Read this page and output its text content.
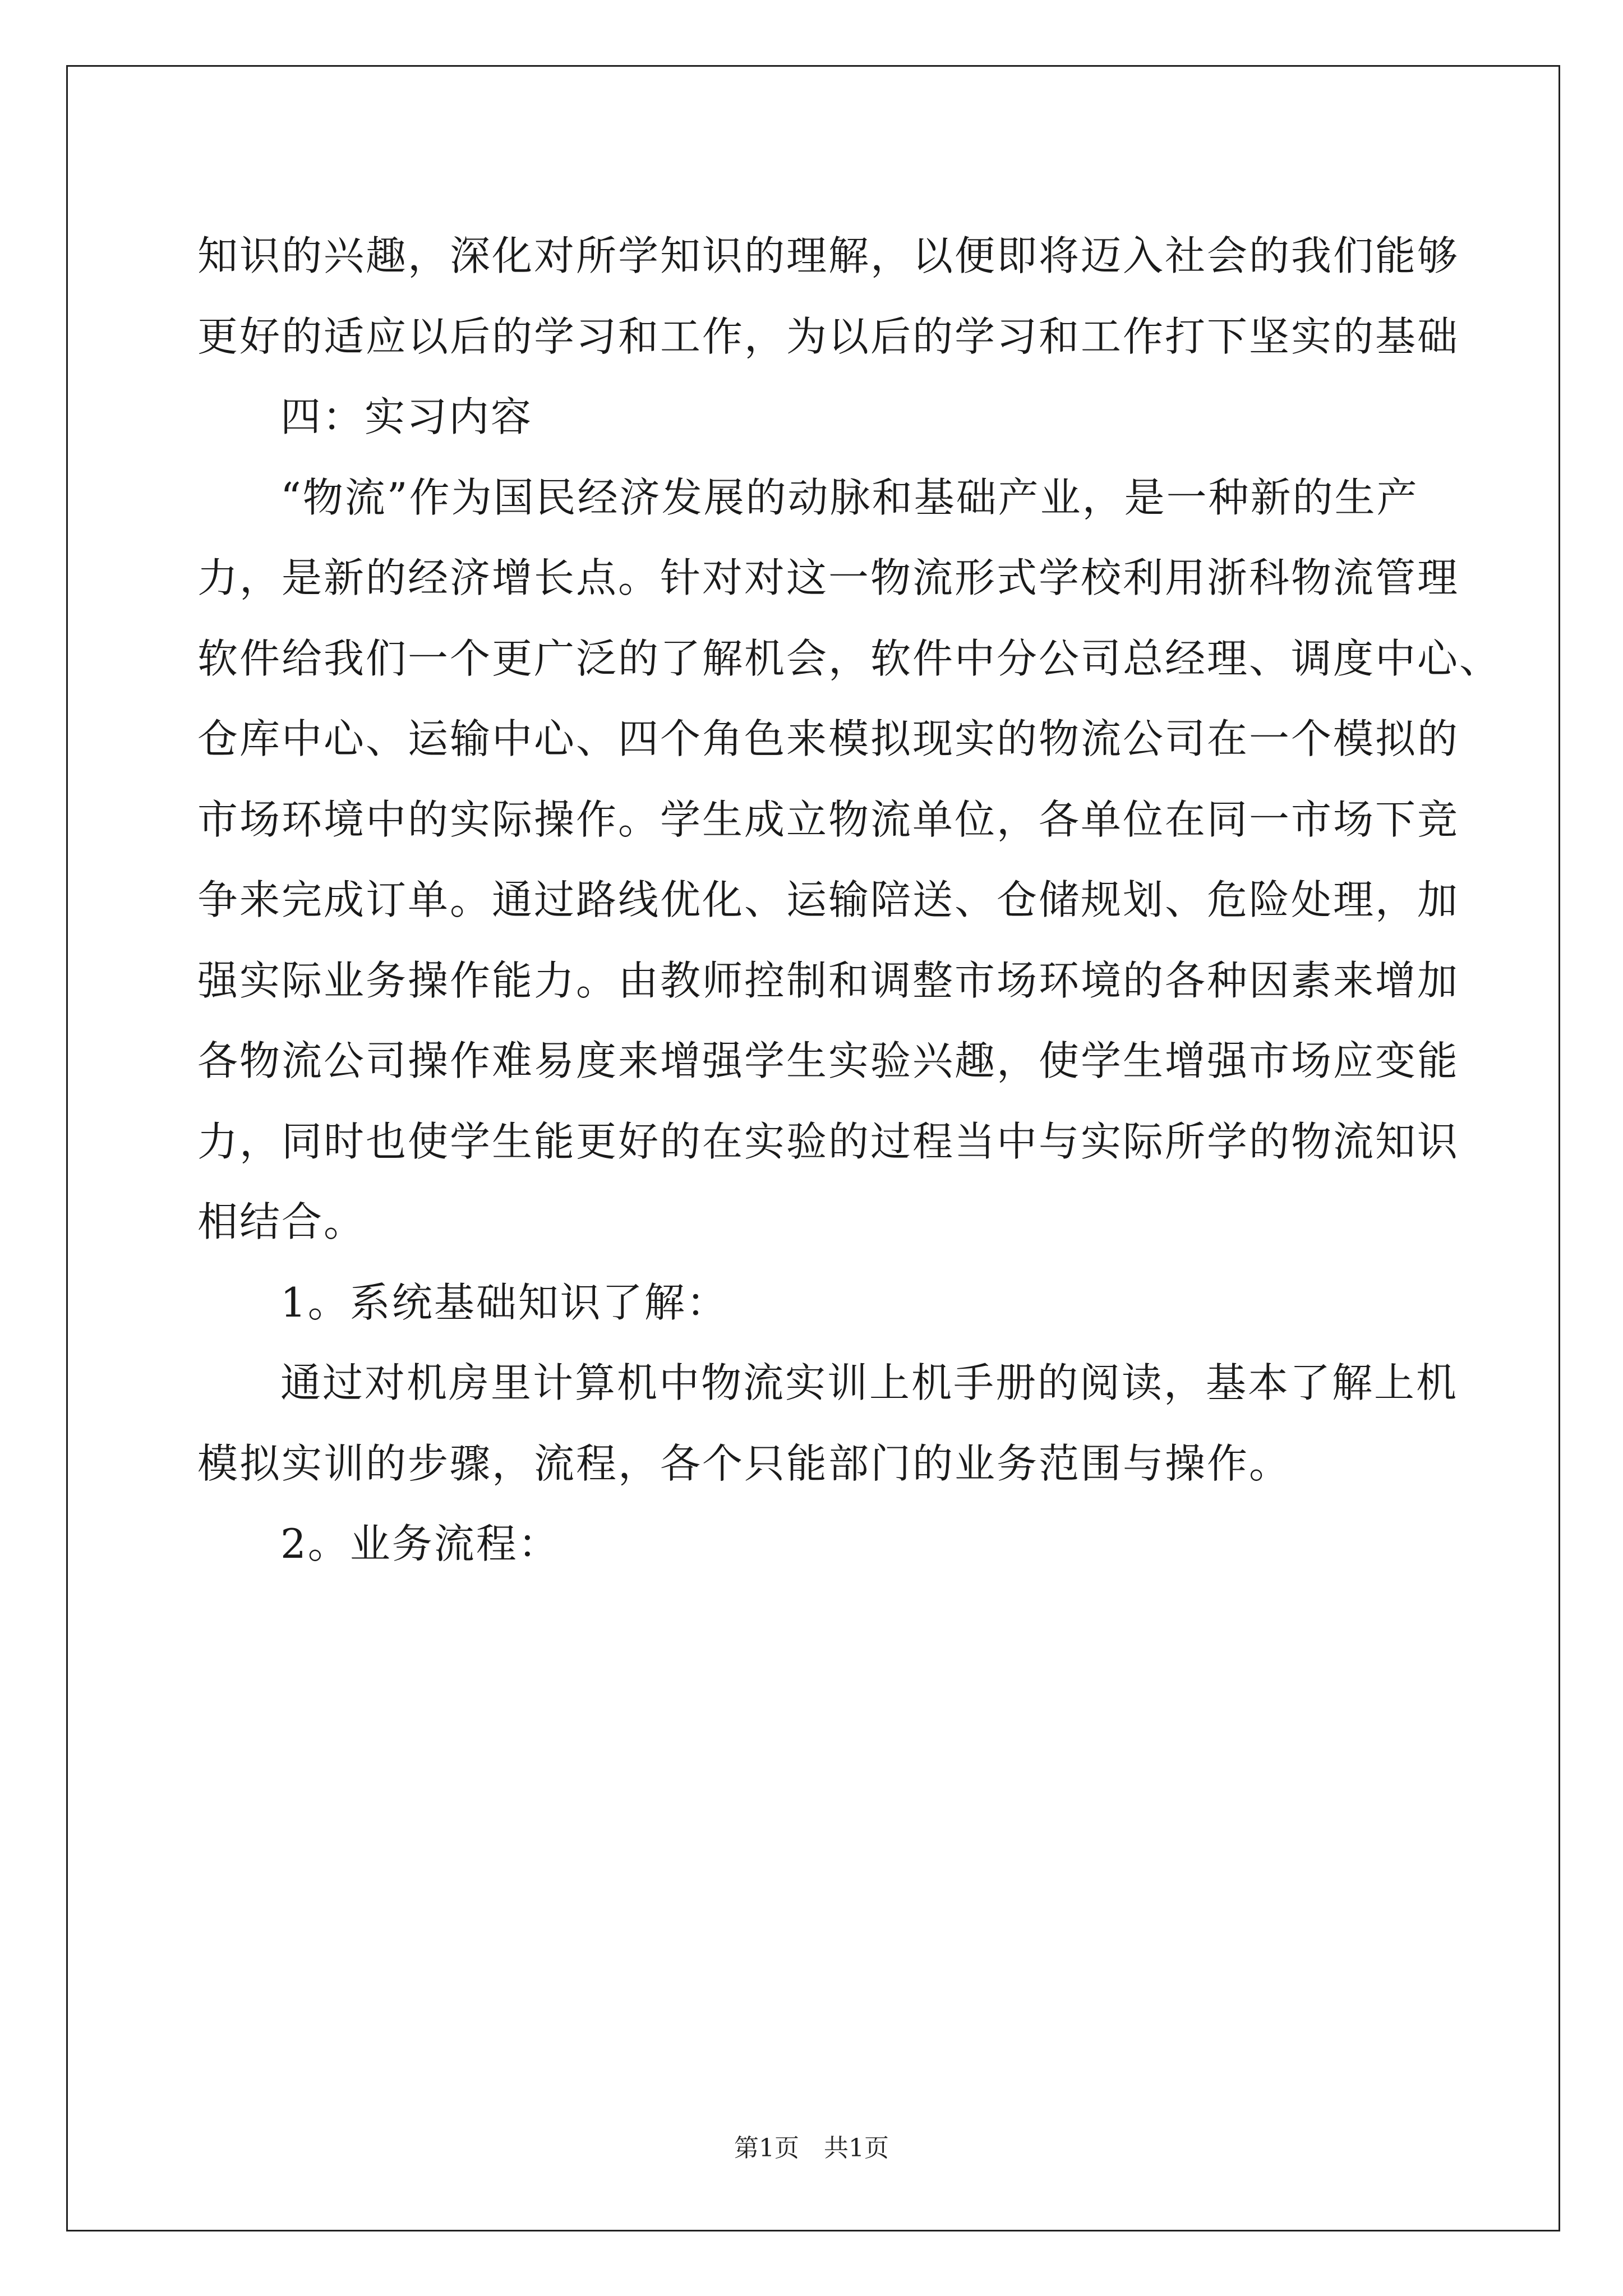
知识的兴趣，深化对所学知识的理解，以便即将迈入社会的我们能够
更好的适应以后的学习和工作，为以后的学习和工作打下坚实的基础
四：实习内容
“物流”作为国民经济发展的动脉和基础产业，是一种新的生产
力，是新的经济增长点。针对对这一物流形式学校利用浙科物流管理
软件给我们一个更广泛的了解机会，软件中分公司总经理、调度中心、
仓库中心、运输中心、四个角色来模拟现实的物流公司在一个模拟的
市场环境中的实际操作。学生成立物流单位，各单位在同一市场下竞
争来完成订单。通过路线优化、运输陪送、仓储规划、危险处理，加
强实际业务操作能力。由教师控制和调整市场环境的各种因素来增加
各物流公司操作难易度来增强学生实验兴趣，使学生增强市场应变能
力，同时也使学生能更好的在实验的过程当中与实际所学的物流知识
相结合。
1。系统基础知识了解：
通过对机房里计算机中物流实训上机手册的阅读，基本了解上机
模拟实训的步骤，流程，各个只能部门的业务范围与操作。
2。业务流程：
第1页　共1页
